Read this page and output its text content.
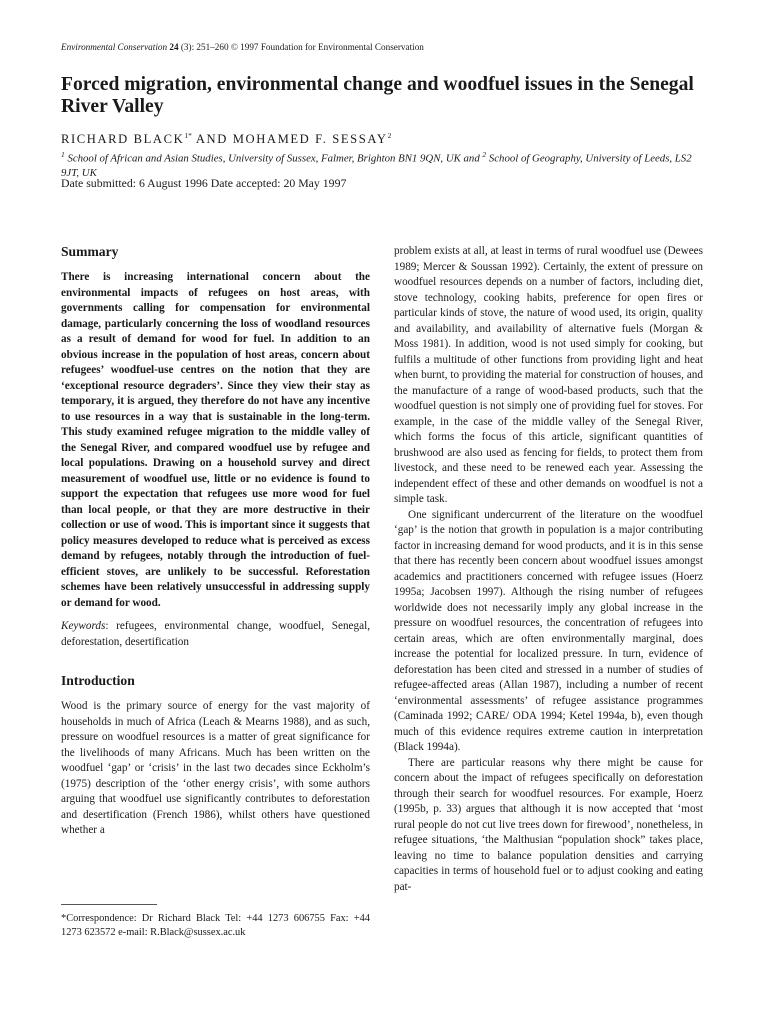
Environmental Conservation 24 (3): 251–260 © 1997 Foundation for Environmental Conservation
Forced migration, environmental change and woodfuel issues in the Senegal River Valley
RICHARD $BLACK^{1*}$ AND MOHAMED F. SESSAY$^2$
$^1$ School of African and Asian Studies, University of Sussex, Falmer, Brighton BN1 9QN, UK and $^2$ School of Geography, University of Leeds, LS2 9JT, UK
Date submitted: 6 August 1996 Date accepted: 20 May 1997
Summary

There is increasing international concern about the environmental impacts of refugees on host areas, with governments calling for compensation for environmental damage, particularly concerning the loss of woodland resources as a result of demand for wood for fuel. In addition to an obvious increase in the population of host areas, concern about refugees’ woodfuel-use centres on the notion that they are ‘exceptional resource degraders’. Since they view their stay as temporary, it is argued, they therefore do not have any incentive to use resources in a way that is sustainable in the long-term. This study examined refugee migration to the middle valley of the Senegal River, and compared woodfuel use by refugee and local populations. Drawing on a household survey and direct measurement of woodfuel use, little or no evidence is found to support the expectation that refugees use more wood for fuel than local people, or that they are more destructive in their collection or use of wood. This is important since it suggests that policy measures developed to reduce what is perceived as excess demand by refugees, notably through the introduction of fuel-efficient stoves, are unlikely to be successful. Reforestation schemes have been relatively unsuccessful in addressing supply or demand for wood.

Keywords: refugees, environmental change, woodfuel, Senegal, deforestation, desertification

Introduction

Wood is the primary source of energy for the vast majority of households in much of Africa (Leach & Mearns 1988), and as such, pressure on woodfuel resources is a matter of great significance for the livelihoods of many Africans. Much has been written on the woodfuel ‘gap’ or ‘crisis’ in the last two decades since Eckholm’s (1975) description of the ‘other energy crisis’, with some authors arguing that woodfuel use significantly contributes to deforestation and desertification (French 1986), whilst others have questioned whether a

problem exists at all, at least in terms of rural woodfuel use (Dewees 1989; Mercer & Soussan 1992). Certainly, the extent of pressure on woodfuel resources depends on a number of factors, including diet, stove technology, cooking habits, preference for open fires or particular kinds of stove, the nature of wood used, its origin, quality and availability, and availability of alternative fuels (Morgan & Moss 1981). In addition, wood is not used simply for cooking, but fulfils a multitude of other functions from providing light and heat when burnt, to providing the material for construction of houses, and the manufacture of a range of wood-based products, such that the woodfuel question is not simply one of providing fuel for stoves. For example, in the case of the middle valley of the Senegal River, which forms the focus of this article, significant quantities of brushwood are also used as fencing for fields, to protect them from livestock, and these need to be renewed each year. Assessing the independent effect of these and other demands on woodfuel is not a simple task.

One significant undercurrent of the literature on the woodfuel ‘gap’ is the notion that growth in population is a major contributing factor in increasing demand for wood products, and it is in this sense that there has recently been concern about woodfuel issues amongst academics and practitioners concerned with refugee issues (Hoerz 1995a; Jacobsen 1997). Although the rising number of refugees worldwide does not necessarily imply any global increase in the pressure on woodfuel resources, the concentration of refugees into certain areas, which are often environmentally marginal, does increase the potential for localized pressure. In turn, evidence of deforestation has been cited and stressed in a number of studies of refugee-affected areas (Allan 1987), including a number of recent ‘environmental assessments’ of refugee assistance programmes (Caminada 1992; CARE/ ODA 1994; Ketel 1994a, b), even though much of this evidence requires extreme caution in interpretation (Black 1994a).

There are particular reasons why there might be cause for concern about the impact of refugees specifically on deforestation through their search for woodfuel resources. For example, Hoerz (1995b, p. 33) argues that although it is now accepted that ‘most rural people do not cut live trees down for firewood’, nonetheless, in refugee situations, ‘the Malthusian “population shock” takes place, leaving no time to balance population densities and carrying capacities in terms of household fuel or to adjust cooking and eating pat-

*Correspondence: Dr Richard Black Tel: +44 1273 606755 Fax: +44 1273 623572 e-mail: R.Black@sussex.ac.uk
